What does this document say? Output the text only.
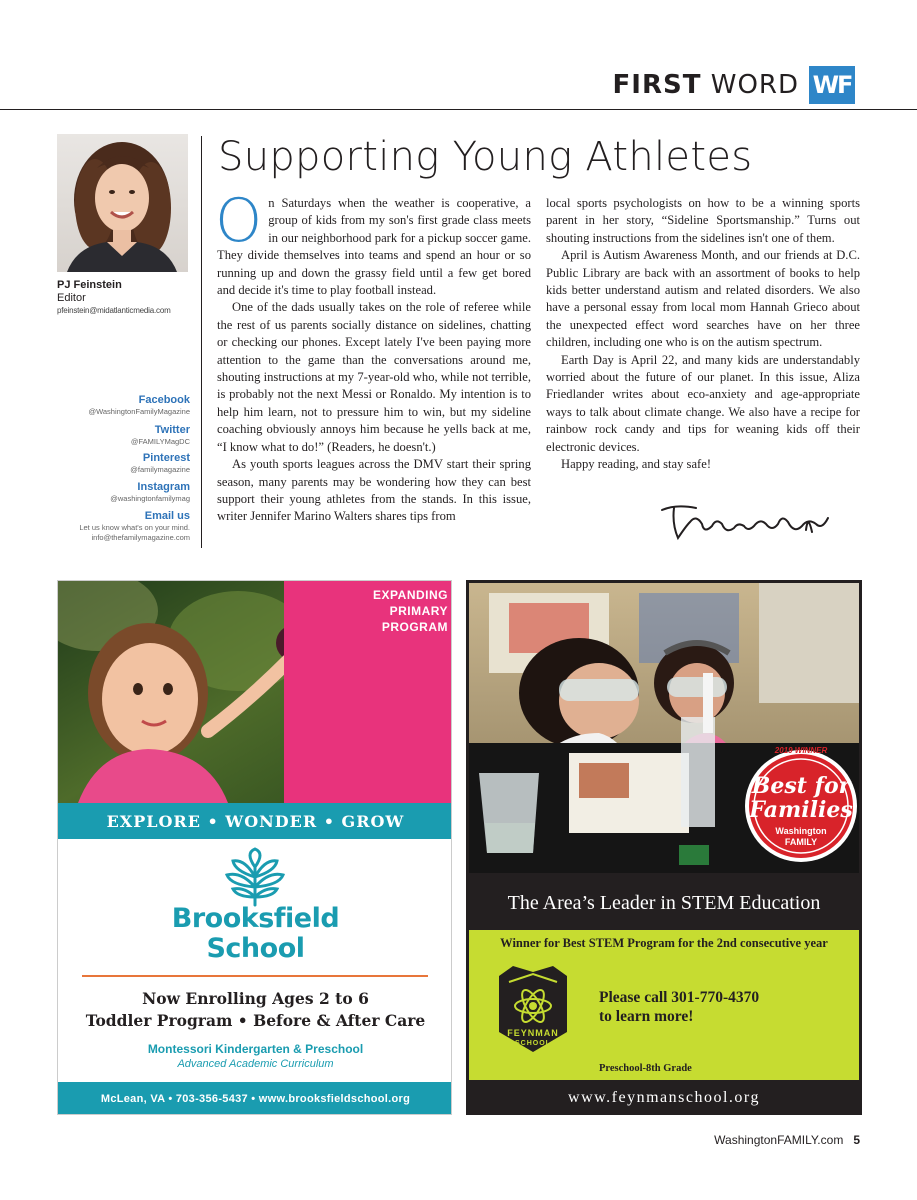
FIRST WORD WF
PJ Feinstein
Editor
pfeinstein@midatlanticmedia.com
Facebook
@WashingtonFamilyMagazine
Twitter
@FAMILYMagDC
Pinterest
@familymagazine
Instagram
@washingtonfamilymag
Email us
Let us know what's on your mind.
info@thefamilymagazine.com
Supporting Young Athletes

On Saturdays when the weather is cooperative, a group of kids from my son's first grade class meets in our neighborhood park for a pickup soccer game. They divide themselves into teams and spend an hour or so running up and down the grassy field until a few get bored and decide it's time to play football instead.

One of the dads usually takes on the role of referee while the rest of us parents socially distance on sidelines, chatting or checking our phones. Except lately I've been paying more attention to the game than the conversations around me, shouting instructions at my 7-year-old who, while not terrible, is probably not the next Messi or Ronaldo. My intention is to help him learn, not to pressure him to win, but my sideline coaching obviously annoys him because he yells back at me, “I know what to do!” (Readers, he doesn't.)

As youth sports leagues across the DMV start their spring season, many parents may be wondering how they can best support their young athletes from the stands. In this issue, writer Jennifer Marino Walters shares tips from

local sports psychologists on how to be a winning sports parent in her story, “Sideline Sportsmanship.” Turns out shouting instructions from the sidelines isn't one of them.

April is Autism Awareness Month, and our friends at D.C. Public Library are back with an assortment of books to help kids better understand autism and related disorders. We also have a personal essay from local mom Hannah Grieco about the unexpected effect word searches have on her three children, including one who is on the autism spectrum.

Earth Day is April 22, and many kids are understandably worried about the future of our planet. In this issue, Aliza Friedlander writes about eco-anxiety and age-appropriate ways to talk about climate change. We also have a recipe for rainbow rock candy and tips for weaning kids off their electronic devices.

Happy reading, and stay safe!

EXPANDING
PRIMARY
PROGRAM
EXPLORE • WONDER • GROW
Brooksfield
School
Now Enrolling Ages 2 to 6
Toddler Program • Before & After Care
Montessori Kindergarten & Preschool
Advanced Academic Curriculum
McLean, VA • 703-356-5437 • www.brooksfieldschool.org
2019 WINNER
Best for
Families
Washington
FAMILY
The Area’s Leader in STEM Education
Winner for Best STEM Program for the 2nd consecutive year
FEYNMAN
SCHOOL
Please call 301-770-4370
to learn more!
Preschool-8th Grade
www.feynmanschool.org
WashingtonFAMILY.com 5
